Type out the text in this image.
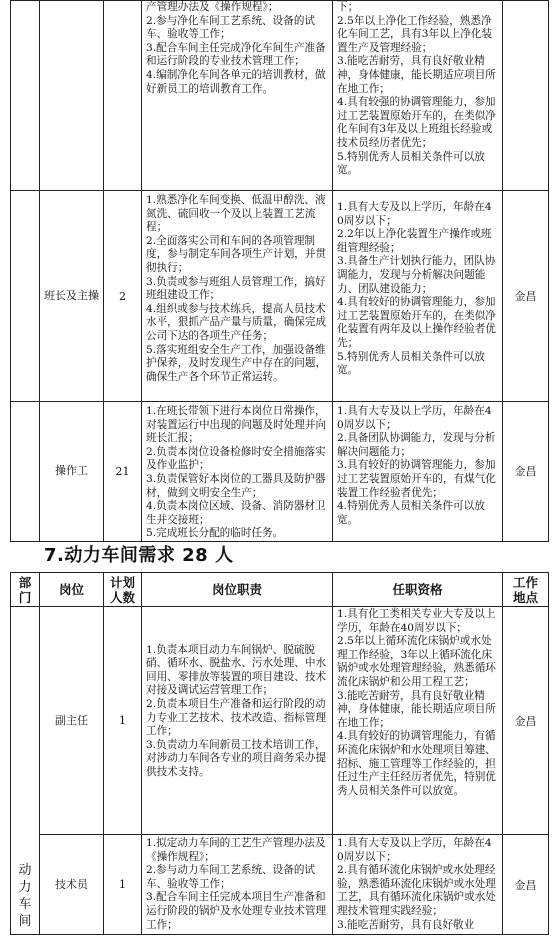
			产管理办法及《操作规程》；
2.参与净化车间工艺系统、设备的试车、验收等工作；
3.配合车间主任完成净化车间生产准备和运行阶段的专业技术管理工作；
4.编制净化车间各单元的培训教材，做好新员工的培训教育工作。	下；
2.5年以上净化工作经验，熟悉净化车间工艺，具有3年以上净化装置生产及管理经验；
3.能吃苦耐劳，具有良好敬业精神，身体健康，能长期适应项目所在地工作；
4.具有较强的协调管理能力，参加过工艺装置原始开车的，在类似净化车间有3年及以上班组长经验或技术员经历者优先；
5.特别优秀人员相关条件可以放宽。	

	班长及主操	2	1.熟悉净化车间变换、低温甲醇洗、液氮洗、硫回收一个及以上装置工艺流程；
2.全面落实公司和车间的各项管理制度，参与制定车间各项生产计划，并贯彻执行；
3.负责或参与班组人员管理工作，搞好班组建设工作；
4.组织或参与技术练兵，提高人员技术水平，狠抓产品产量与质量，确保完成公司下达的各项生产任务；
5.落实班组安全生产工作，加强设备维护保养，及时发现生产中存在的问题，确保生产各个环节正常运转。	1.具有大专及以上学历，年龄在40周岁以下；
2.2年以上净化装置生产操作或班组管理经验；
3.具备生产计划执行能力，团队协调能力，发现与分析解决问题能力、团队建设能力；
4.具有较好的协调管理能力，参加过工艺装置原始开车的，在类似净化装置有两年及以上操作经验者优先；
5.特别优秀人员相关条件可以放宽。	金昌

	操作工	21	1.在班长带领下进行本岗位日常操作，对装置运行中出现的问题及时处理并向班长汇报；
2.负责本岗位设备检修时安全措施落实及作业监护；
3.负责保管好本岗位的工器具及防护器材，做到文明安全生产；
4.负责本岗位区域、设备、消防器材卫生并交接班；
5.完成班长分配的临时任务。	1.具有大专及以上学历，年龄在40周岁以下；
2.具备团队协调能力，发现与分析解决问题能力；
3.具有较好的协调管理能力，参加过工艺装置原始开车的，有煤气化装置工作经验者优先；
4.特别优秀人员相关条件可以放宽。	金昌
7.动力车间需求 28 人
部门	岗位	计划人数	岗位职责	任职资格	工作地点

动力车间	副主任	1	1.负责本项目动力车间锅炉、脱硫脱硝、循环水、脱盐水、污水处理、中水回用、零排放等装置的项目建设、技术对接及调试运营管理工作；
2.负责本项目生产准备和运行阶段的动力专业工艺技术、技术改造、指标管理工作；
3.负责动力车间新员工技术培训工作，对涉动力车间各专业的项目商务采办提供技术支持。	1.具有化工类相关专业大专及以上学历，年龄在40周岁以下；
2.5年以上循环流化床锅炉或水处理工作经验，3年以上循环流化床锅炉或水处理管理经验，熟悉循环流化床锅炉和公用工程工艺；
3.能吃苦耐劳，具有良好敬业精神，身体健康，能长期适应项目所在地工作；
4.具有较好的协调管理能力，有循环流化床锅炉和水处理项目筹建、招标、施工管理等工作经验的，担任过生产主任经历者优先，特别优秀人员相关条件可以放宽。	金昌

	技术员	1	1.拟定动力车间的工艺生产管理办法及《操作规程》；
2.参与动力车间工艺系统、设备的试车、验收等工作；
3.配合车间主任完成本项目生产准备和运行阶段的锅炉及水处理专业技术管理工作；	1.具有大专及以上学历，年龄在40周岁以下；
2.具有循环流化床锅炉或水处理经验，熟悉循环流化床锅炉或水处理工艺，具有循环流化床锅炉或水处理技术管理实践经验；
3.能吃苦耐劳，具有良好敬业	金昌
